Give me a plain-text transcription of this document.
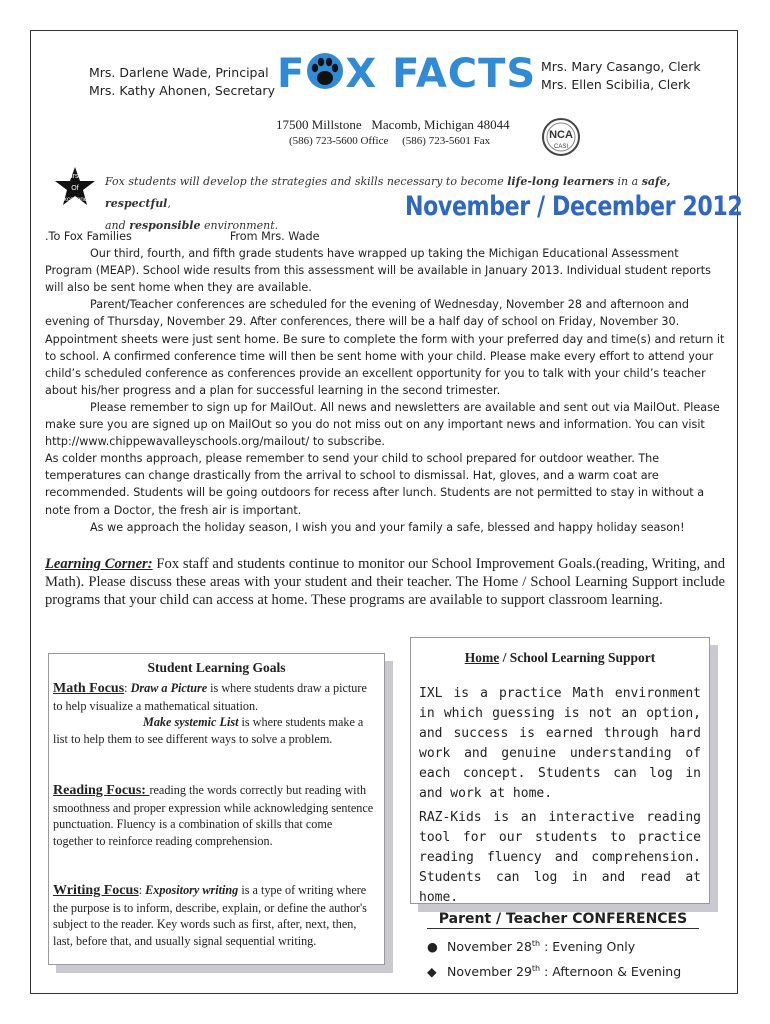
Mrs. Darlene Wade, Principal
Mrs. Kathy Ahonen, Secretary F X FACTS Mrs. Mary Casango, Clerk
Mrs. Ellen Scibilia, Clerk
17500 Millstone Macomb, Michigan 48044
(586) 723-5600 Office (586) 723-5601 Fax	NCA
CASI
Pursuit
Of
Excellence
Fox students will develop the strategies and skills necessary to become life-long learners in a safe, respectful,
and responsible environment.
November / December 2012

.To Fox Families	From Mrs. Wade

Our third, fourth, and fifth grade students have wrapped up taking the Michigan Educational Assessment Program (MEAP). School wide results from this assessment will be available in January 2013. Individual student reports will also be sent home when they are available.

Parent/Teacher conferences are scheduled for the evening of Wednesday, November 28 and afternoon and evening of Thursday, November 29. After conferences, there will be a half day of school on Friday, November 30. Appointment sheets were just sent home. Be sure to complete the form with your preferred day and time(s) and return it to school. A confirmed conference time will then be sent home with your child. Please make every effort to attend your child’s scheduled conference as conferences provide an excellent opportunity for you to talk with your child’s teacher about his/her progress and a plan for successful learning in the second trimester.

Please remember to sign up for MailOut. All news and newsletters are available and sent out via MailOut. Please make sure you are signed up on MailOut so you do not miss out on any important news and information. You can visit http://www.chippewavalleyschools.org/mailout/ to subscribe.

As colder months approach, please remember to send your child to school prepared for outdoor weather. The temperatures can change drastically from the arrival to school to dismissal. Hat, gloves, and a warm coat are recommended. Students will be going outdoors for recess after lunch. Students are not permitted to stay in without a note from a Doctor, the fresh air is important.

As we approach the holiday season, I wish you and your family a safe, blessed and happy holiday season!

Learning Corner: Fox staff and students continue to monitor our School Improvement Goals.(reading, Writing, and Math). Please discuss these areas with your student and their teacher. The Home / School Learning Support include programs that your child can access at home. These programs are available to support classroom learning.
Student Learning Goals
Math Focus: Draw a Picture is where students draw a picture to help visualize a mathematical situation.
Make systemic List is where students make a list to help them to see different ways to solve a problem.
Reading Focus: reading the words correctly but reading with smoothness and proper expression while acknowledging sentence punctuation. Fluency is a combination of skills that come together to reinforce reading comprehension.
Writing Focus: Expository writing is a type of writing where the purpose is to inform, describe, explain, or define the author's subject to the reader. Key words such as first, after, next, then, last, before that, and usually signal sequential writing.
Home / School Learning Support
IXL is a practice Math environment in which guessing is not an option, and success is earned through hard work and genuine understanding of each concept. Students can log in and work at home.
RAZ-Kids is an interactive reading tool for our students to practice reading fluency and comprehension. Students can log in and read at home.
Parent / Teacher CONFERENCES
● November 28th : Evening Only
◆ November 29th : Afternoon & Evening
